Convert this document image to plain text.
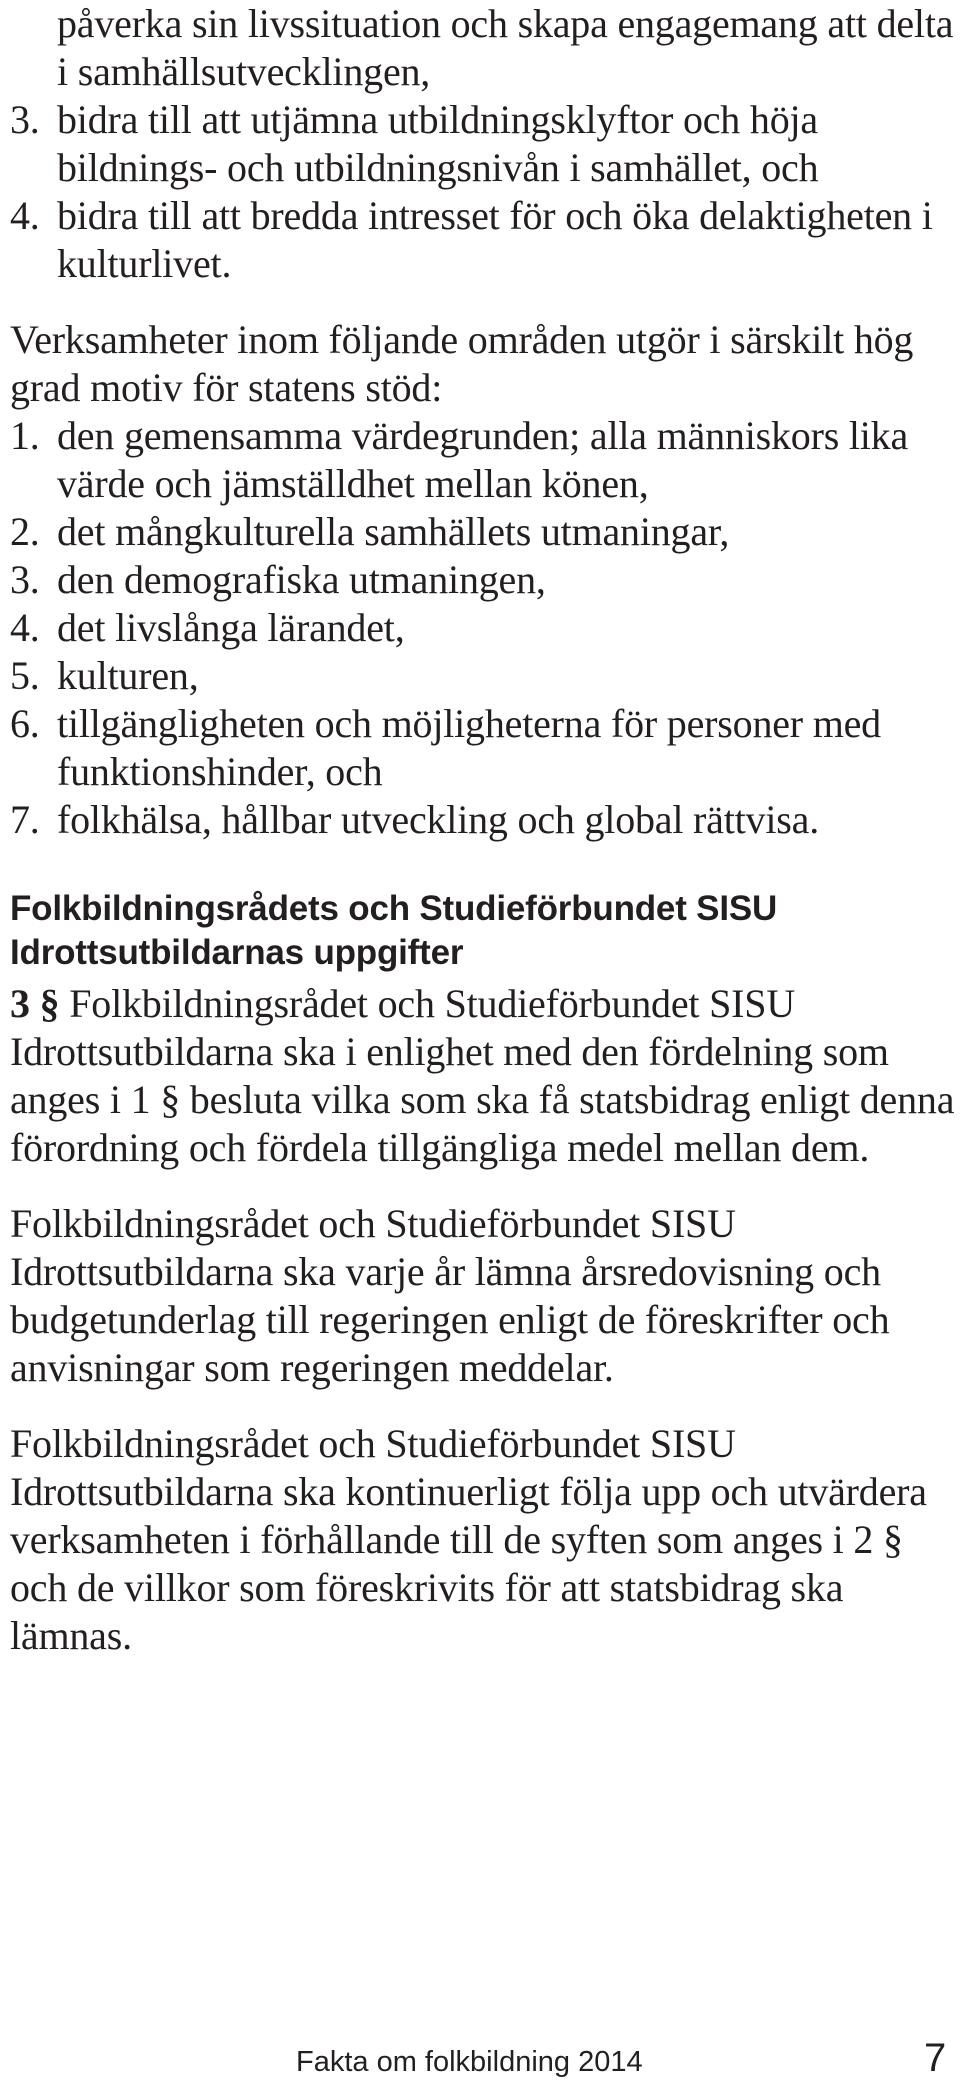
påverka sin livssituation och skapa engagemang att delta i samhällsutvecklingen,

3. bidra till att utjämna utbildningsklyftor och höja bildnings- och utbildningsnivån i samhället, och
4. bidra till att bredda intresset för och öka delaktigheten i kulturlivet.

Verksamheter inom följande områden utgör i särskilt hög grad motiv för statens stöd:

1. den gemensamma värdegrunden; alla människors lika värde och jämställdhet mellan könen,
2. det mångkulturella samhällets utmaningar,
3. den demografiska utmaningen,
4. det livslånga lärandet,
5. kulturen,
6. tillgängligheten och möjligheterna för personer med funktionshinder, och
7. folkhälsa, hållbar utveckling och global rättvisa.
Folkbildningsrådets och Studieförbundet SISU Idrottsutbildarnas uppgifter

3 § Folkbildningsrådet och Studieförbundet SISU Idrottsutbildarna ska i enlighet med den fördelning som anges i 1 § besluta vilka som ska få statsbidrag enligt denna förordning och fördela tillgängliga medel mellan dem.

Folkbildningsrådet och Studieförbundet SISU Idrottsutbildarna ska varje år lämna årsredovisning och budgetunderlag till regeringen enligt de föreskrifter och anvisningar som regeringen meddelar.

Folkbildningsrådet och Studieförbundet SISU Idrottsutbildarna ska kontinuerligt följa upp och utvärdera verksamheten i förhållande till de syften som anges i 2 § och de villkor som föreskrivits för att statsbidrag ska lämnas.

Fakta om folkbildning 2014	7
